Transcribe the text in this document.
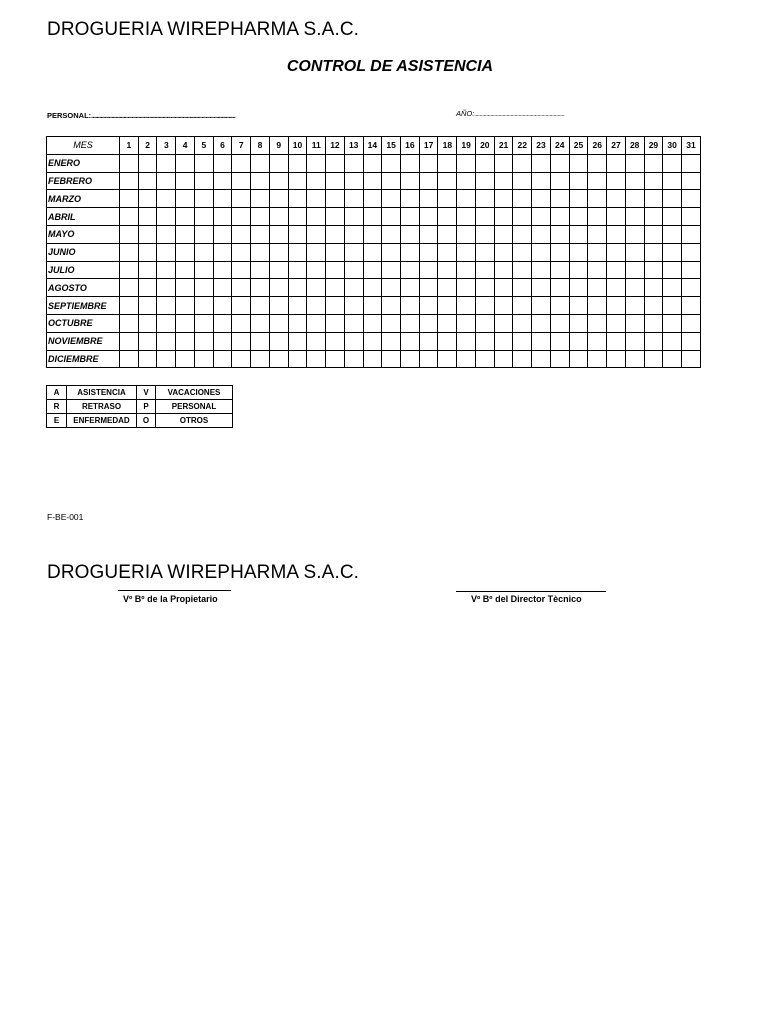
DROGUERIA WIREPHARMA S.A.C.
CONTROL DE ASISTENCIA
PERSONAL:...........................................................................................................	AÑO:...................................................................
MES	1	2	3	4	5	6	7	8	9	10	11	12	13	14	15	16	17	18	19	20	21	22	23	24	25	26	27	28	29	30	31
ENERO																															
FEBRERO																															
MARZO																															
ABRIL																															
MAYO																															
JUNIO																															
JULIO																															
AGOSTO																															
SEPTIEMBRE																															
OCTUBRE																															
NOVIEMBRE																															
DICIEMBRE																															
A	ASISTENCIA	V	VACACIONES
R	RETRASO	P	PERSONAL
E	ENFERMEDAD	O	OTROS
F-BE-001
DROGUERIA WIREPHARMA S.A.C.
Vº Bº de la Propietario	Vº Bº del Director Tècnico
